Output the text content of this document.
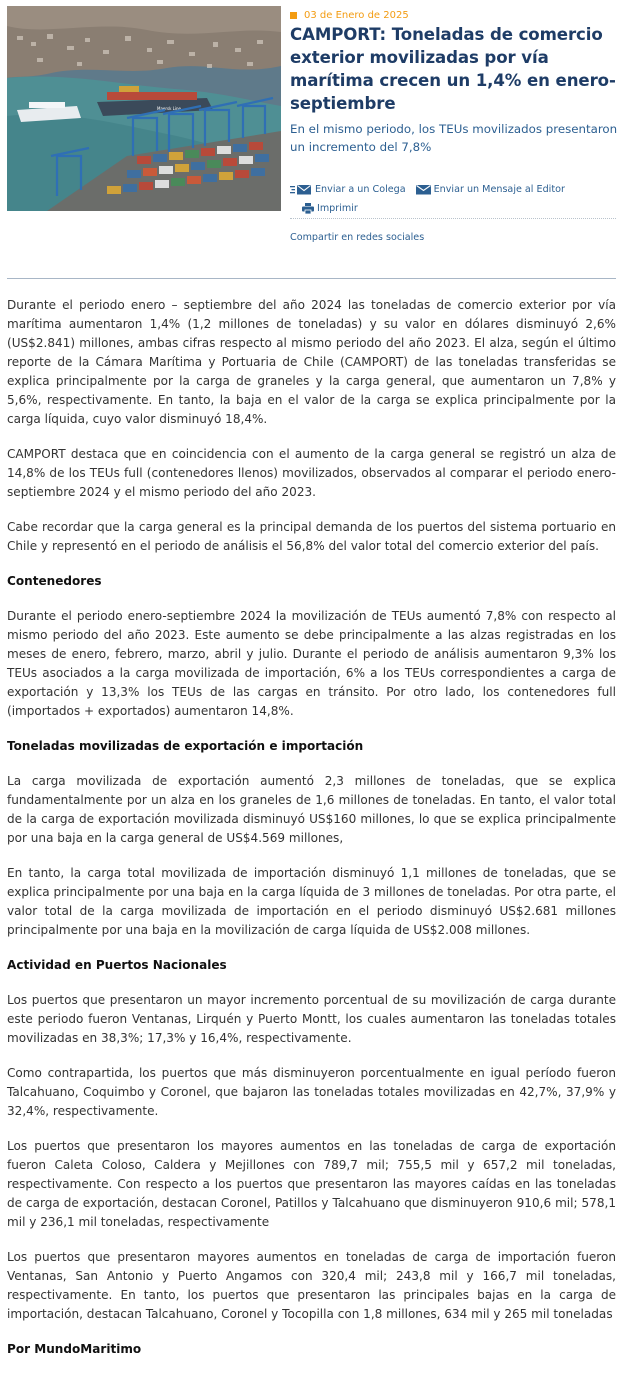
Maersk Line
03 de Enero de 2025
CAMPORT: Toneladas de comercio exterior movilizadas por vía marítima crecen un 1,4% en enero-septiembre

En el mismo periodo, los TEUs movilizados presentaron un incremento del 7,8%

Enviar a un Colega	Enviar un Mensaje al Editor
Imprimir
Compartir en redes sociales

Durante el periodo enero – septiembre del año 2024 las toneladas de comercio exterior por vía marítima aumentaron 1,4% (1,2 millones de toneladas) y su valor en dólares disminuyó 2,6% (US$2.841) millones, ambas cifras respecto al mismo periodo del año 2023. El alza, según el último reporte de la Cámara Marítima y Portuaria de Chile (CAMPORT) de las toneladas transferidas se explica principalmente por la carga de graneles y la carga general, que aumentaron un 7,8% y 5,6%, respectivamente. En tanto, la baja en el valor de la carga se explica principalmente por la carga líquida, cuyo valor disminuyó 18,4%.

CAMPORT destaca que en coincidencia con el aumento de la carga general se registró un alza de 14,8% de los TEUs full (contenedores llenos) movilizados, observados al comparar el periodo enero-septiembre 2024 y el mismo periodo del año 2023.

Cabe recordar que la carga general es la principal demanda de los puertos del sistema portuario en Chile y representó en el periodo de análisis el 56,8% del valor total del comercio exterior del país.

Contenedores

Durante el periodo enero-septiembre 2024 la movilización de TEUs aumentó 7,8% con respecto al mismo periodo del año 2023. Este aumento se debe principalmente a las alzas registradas en los meses de enero, febrero, marzo, abril y julio. Durante el periodo de análisis aumentaron 9,3% los TEUs asociados a la carga movilizada de importación, 6% a los TEUs correspondientes a carga de exportación y 13,3% los TEUs de las cargas en tránsito. Por otro lado, los contenedores full (importados + exportados) aumentaron 14,8%.

Toneladas movilizadas de exportación e importación

La carga movilizada de exportación aumentó 2,3 millones de toneladas, que se explica fundamentalmente por un alza en los graneles de 1,6 millones de toneladas. En tanto, el valor total de la carga de exportación movilizada disminuyó US$160 millones, lo que se explica principalmente por una baja en la carga general de US$4.569 millones,

En tanto, la carga total movilizada de importación disminuyó 1,1 millones de toneladas, que se explica principalmente por una baja en la carga líquida de 3 millones de toneladas. Por otra parte, el valor total de la carga movilizada de importación en el periodo disminuyó US$2.681 millones principalmente por una baja en la movilización de carga líquida de US$2.008 millones.

Actividad en Puertos Nacionales

Los puertos que presentaron un mayor incremento porcentual de su movilización de carga durante este periodo fueron Ventanas, Lirquén y Puerto Montt, los cuales aumentaron las toneladas totales movilizadas en 38,3%; 17,3% y 16,4%, respectivamente.

Como contrapartida, los puertos que más disminuyeron porcentualmente en igual período fueron Talcahuano, Coquimbo y Coronel, que bajaron las toneladas totales movilizadas en 42,7%, 37,9% y 32,4%, respectivamente.

Los puertos que presentaron los mayores aumentos en las toneladas de carga de exportación fueron Caleta Coloso, Caldera y Mejillones con 789,7 mil; 755,5 mil y 657,2 mil toneladas, respectivamente. Con respecto a los puertos que presentaron las mayores caídas en las toneladas de carga de exportación, destacan Coronel, Patillos y Talcahuano que disminuyeron 910,6 mil; 578,1 mil y 236,1 mil toneladas, respectivamente

Los puertos que presentaron mayores aumentos en toneladas de carga de importación fueron Ventanas, San Antonio y Puerto Angamos con 320,4 mil; 243,8 mil y 166,7 mil toneladas, respectivamente. En tanto, los puertos que presentaron las principales bajas en la carga de importación, destacan Talcahuano, Coronel y Tocopilla con 1,8 millones, 634 mil y 265 mil toneladas

Por MundoMaritimo
